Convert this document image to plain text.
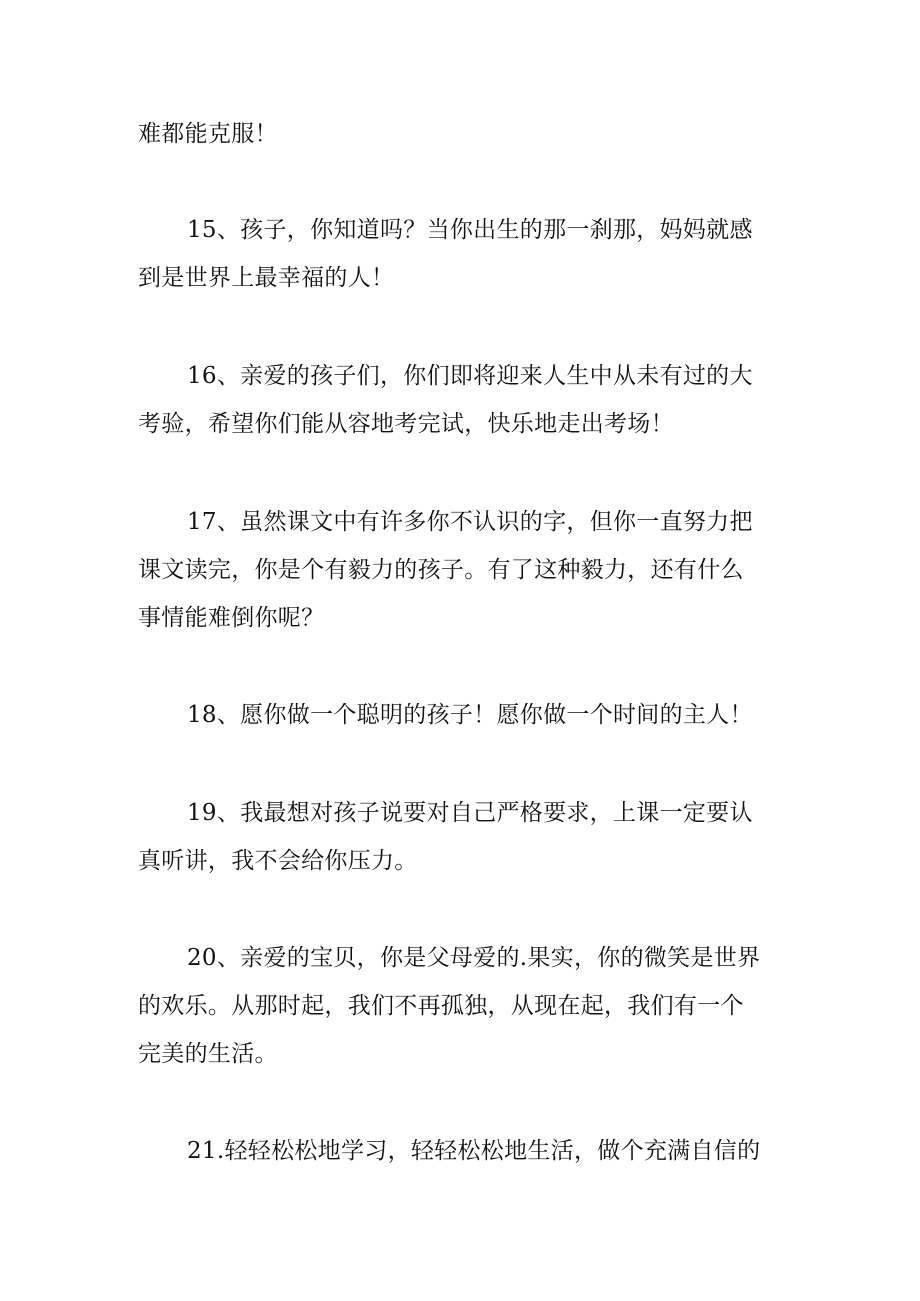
难都能克服！
15、孩子，你知道吗？当你出生的那一刹那，妈妈就感
到是世界上最幸福的人！
16、亲爱的孩子们，你们即将迎来人生中从未有过的大
考验，希望你们能从容地考完试，快乐地走出考场！
17、虽然课文中有许多你不认识的字，但你一直努力把
课文读完，你是个有毅力的孩子。有了这种毅力，还有什么
事情能难倒你呢？
18、愿你做一个聪明的孩子！愿你做一个时间的主人！
19、我最想对孩子说要对自己严格要求，上课一定要认
真听讲，我不会给你压力。
20、亲爱的宝贝，你是父母爱的.果实，你的微笑是世界
的欢乐。从那时起，我们不再孤独，从现在起，我们有一个
完美的生活。
21.轻轻松松地学习，轻轻松松地生活，做个充满自信的
